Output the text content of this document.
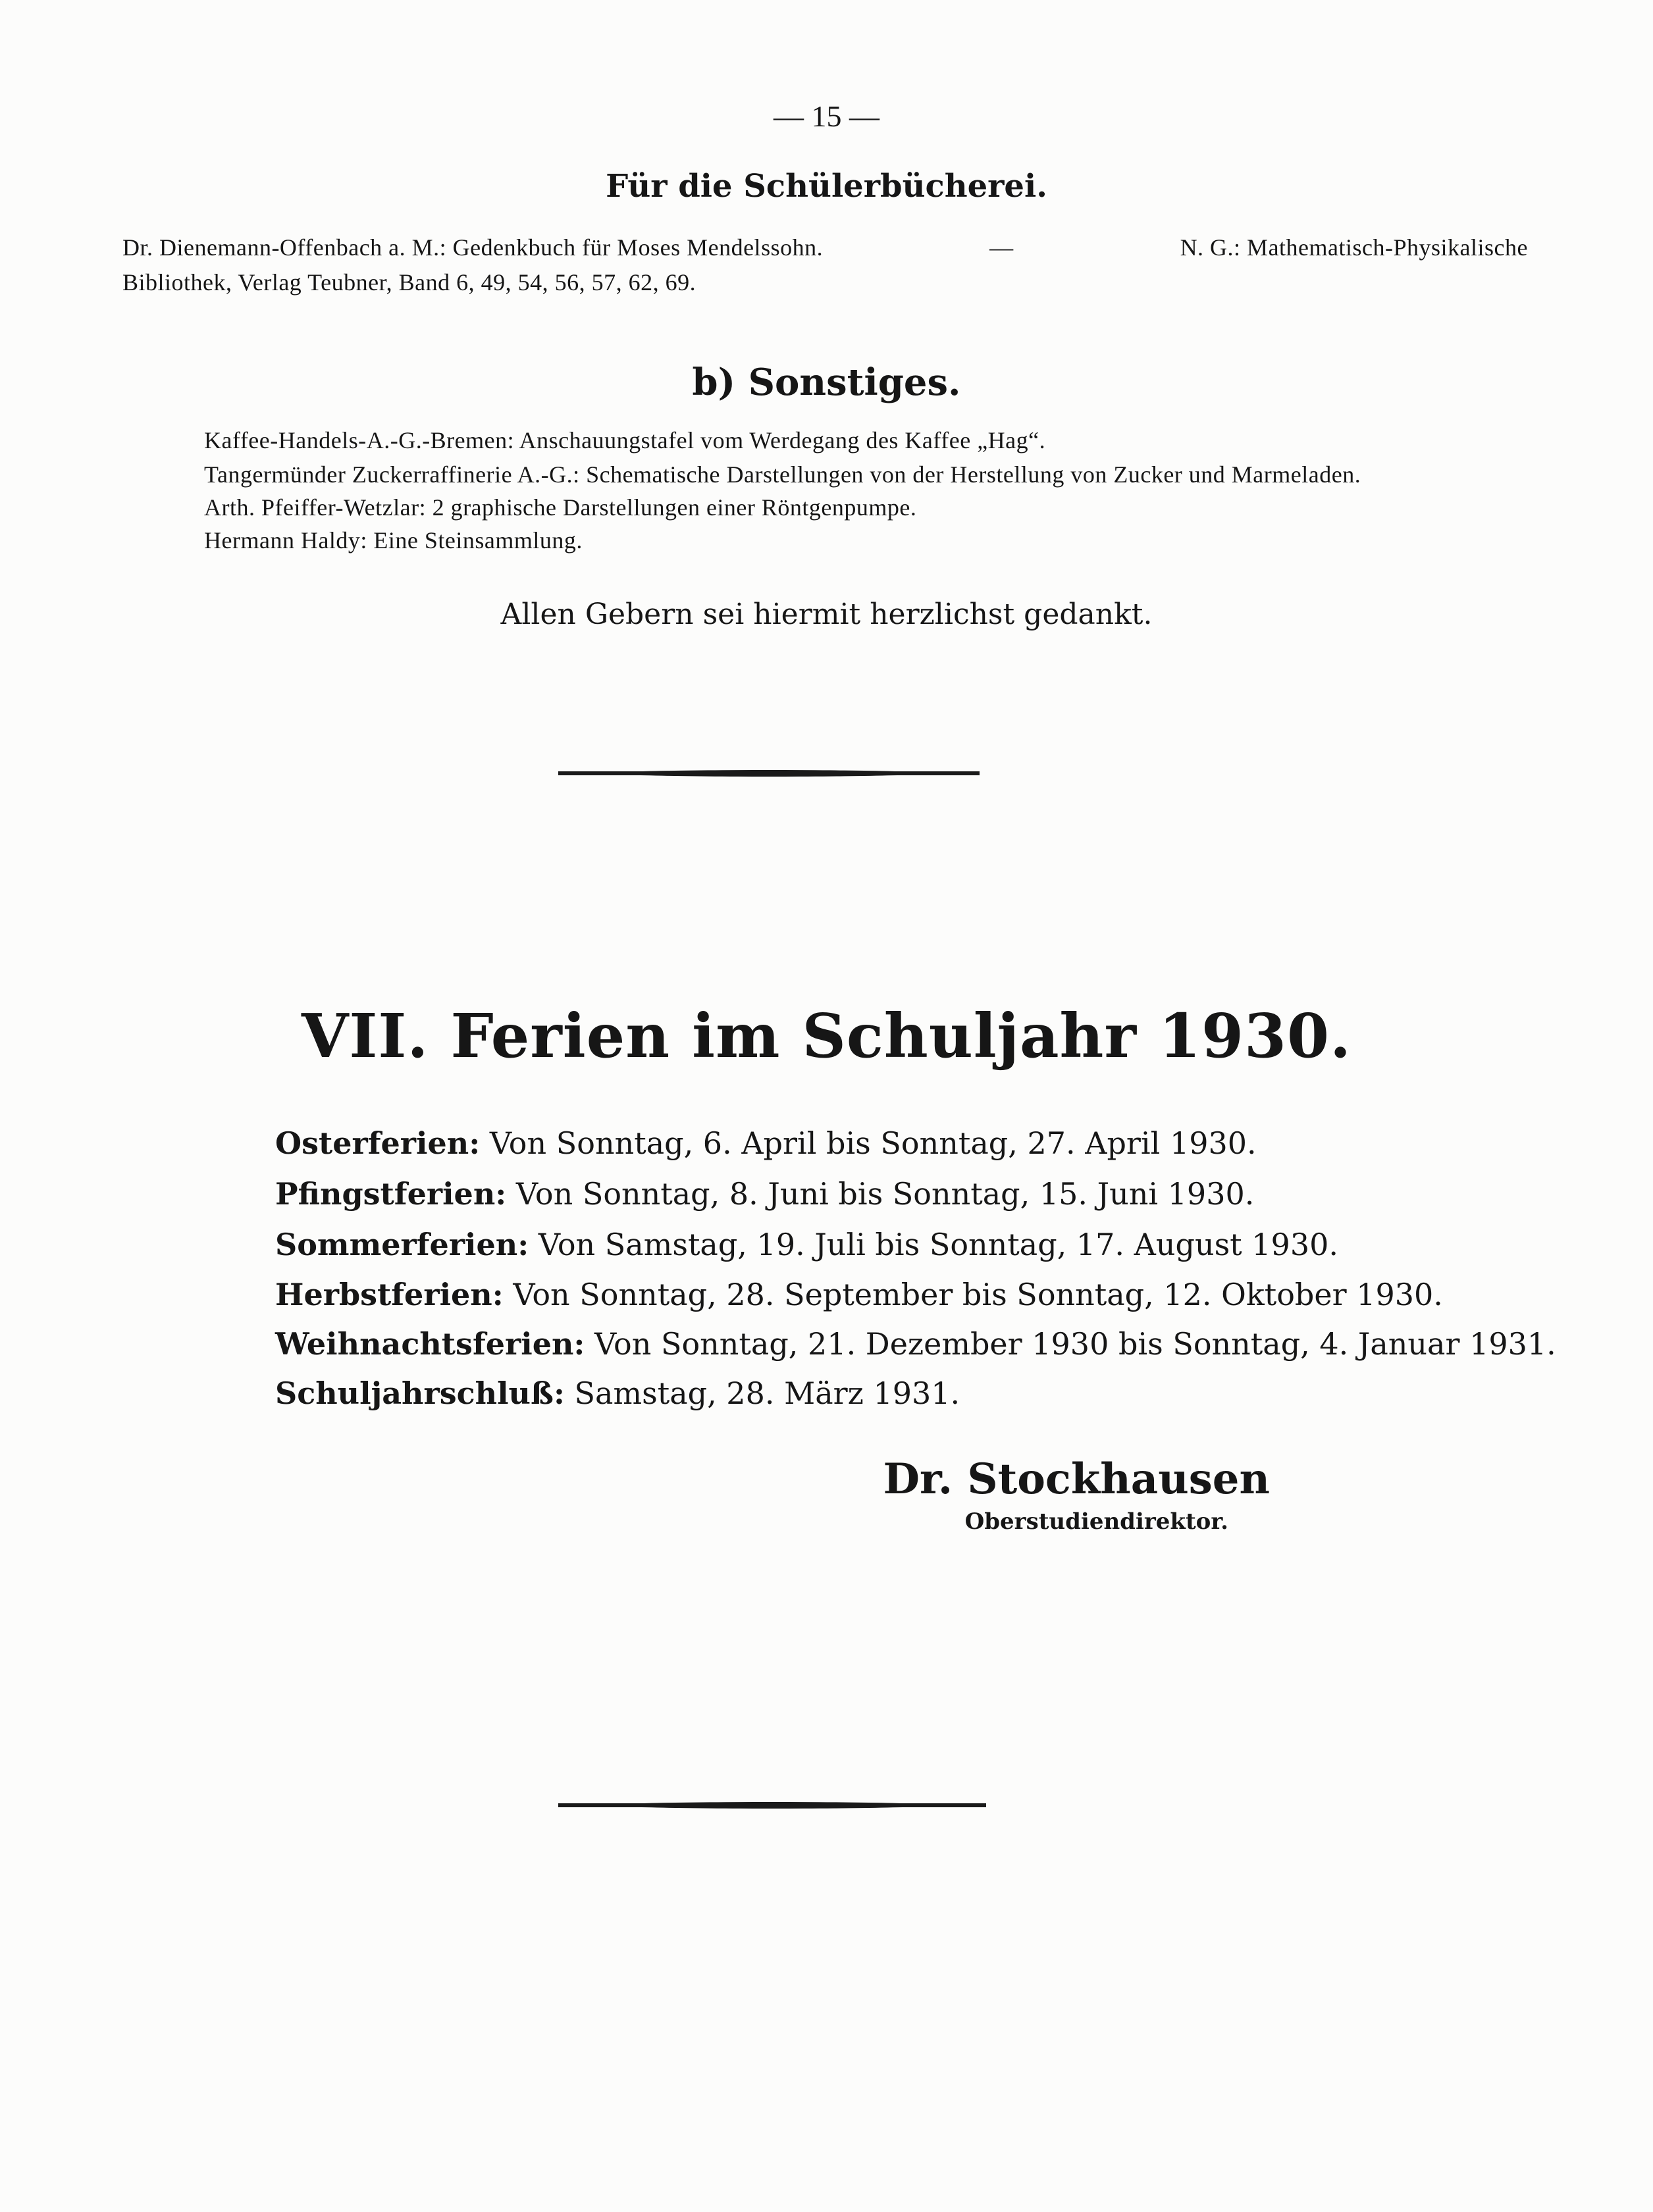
— 15 —
Für die Schülerbücherei.
Dr. Dienemann-Offenbach a. M.: Gedenkbuch für Moses Mendelssohn.	—	N. G.: Mathematisch-Physikalische
Bibliothek, Verlag Teubner, Band 6, 49, 54, 56, 57, 62, 69.
b) Sonstiges.
Kaffee-Handels-A.-G.-Bremen: Anschauungstafel vom Werdegang des Kaffee „Hag“.
Tangermünder Zuckerraffinerie A.-G.: Schematische Darstellungen von der Herstellung von Zucker und Marmeladen.
Arth. Pfeiffer-Wetzlar: 2 graphische Darstellungen einer Röntgenpumpe.
Hermann Haldy: Eine Steinsammlung.
Allen Gebern sei hiermit herzlichst gedankt.
VII. Ferien im Schuljahr 1930.
Osterferien: Von Sonntag, 6. April bis Sonntag, 27. April 1930.
Pfingstferien: Von Sonntag, 8. Juni bis Sonntag, 15. Juni 1930.
Sommerferien: Von Samstag, 19. Juli bis Sonntag, 17. August 1930.
Herbstferien: Von Sonntag, 28. September bis Sonntag, 12. Oktober 1930.
Weihnachtsferien: Von Sonntag, 21. Dezember 1930 bis Sonntag, 4. Januar 1931.
Schuljahrschluß: Samstag, 28. März 1931.
Dr. Stockhausen
Oberstudiendirektor.
